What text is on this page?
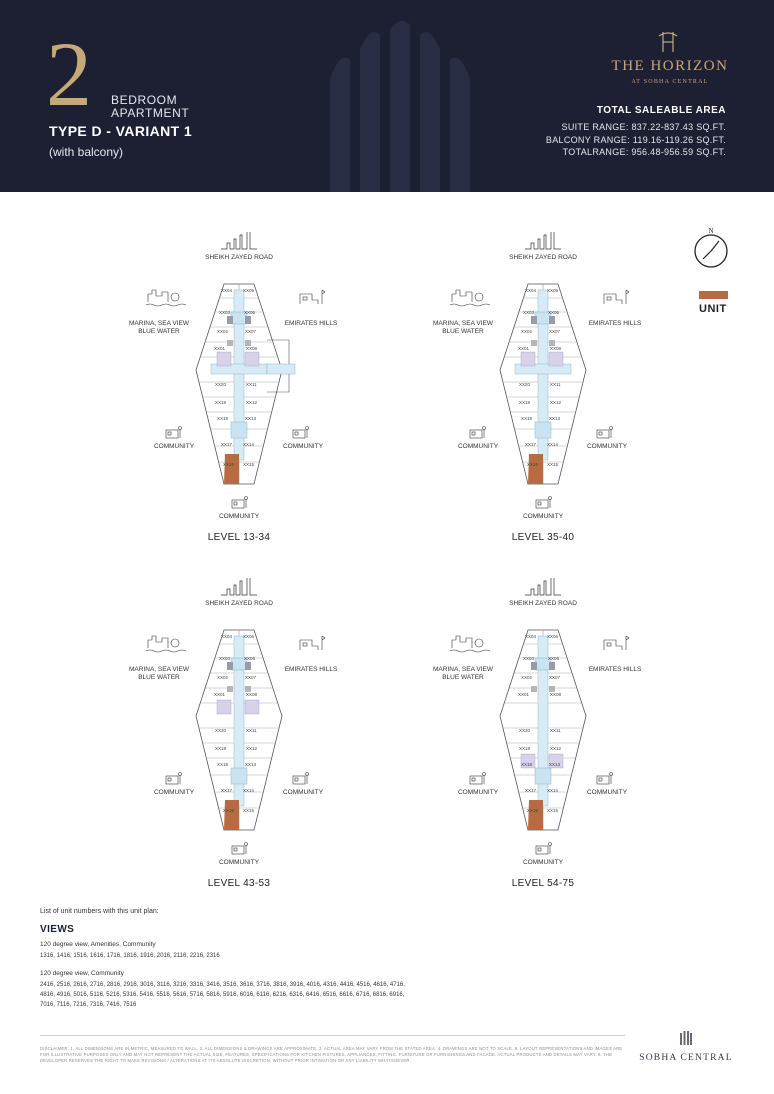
2 BEDROOM
APARTMENT
TYPE D - VARIANT 1
(with balcony)
THE HORIZON
AT SOBHA CENTRAL
TOTAL SALEABLE AREA
SUITE RANGE: 837.22-837.43 SQ.FT.
BALCONY RANGE: 119.16-119.26 SQ.FT.
TOTALRANGE: 956.48-956.59 SQ.FT.
N
UNIT
SHEIKH ZAYED ROAD
MARINA, SEA VIEW
BLUE WATER
EMIRATES HILLS
COMMUNITY	COMMUNITY
COMMUNITY
LEVEL 13-34
XX04 XX05
XX03	XX06
XX02	XX07
XX01	XX08
XX20	XX11
XX19	XX12
XX18	XX13
XX17 XX14
XX16 XX15
SHEIKH ZAYED ROAD
MARINA, SEA VIEW
BLUE WATER
EMIRATES HILLS
COMMUNITY	COMMUNITY
COMMUNITY
LEVEL 35-40
XX04 XX05
XX03	XX06
XX02	XX07
XX01	XX08
XX20	XX11
XX19	XX12
XX18	XX13
XX17 XX14
XX16 XX15
SHEIKH ZAYED ROAD
MARINA, SEA VIEW
BLUE WATER
EMIRATES HILLS
COMMUNITY	COMMUNITY
COMMUNITY
LEVEL 43-53
XX04 XX05
XX03	XX06
XX02	XX07
XX01	XX08
XX20	XX11
XX19	XX12
XX18	XX13
XX17 XX14
XX16 XX15
SHEIKH ZAYED ROAD
MARINA, SEA VIEW
BLUE WATER
EMIRATES HILLS
COMMUNITY	COMMUNITY
COMMUNITY
LEVEL 54-75
XX04 XX05
XX03	XX06
XX02	XX07
XX01	XX08
XX20	XX11
XX19	XX12
XX18	XX13
XX17 XX14
XX16 XX15
List of unit numbers with this unit plan:
VIEWS
120 degree view, Amenities, Community
1316, 1416, 1516, 1616, 1716, 1816, 1916, 2016, 2116, 2216, 2316
120 degree view, Community
2416, 2516, 2616, 2716, 2816, 2916, 3016, 3116, 3216, 3316, 3416, 3516, 3616, 3716, 3816, 3916, 4016, 4316, 4416, 4516, 4616, 4716,
4816, 4916, 5016, 5116, 5216, 5316, 5416, 5516, 5616, 5716, 5816, 5916, 6016, 6116, 6216, 6316, 6416, 6516, 6616, 6716, 6816, 6916,
7016, 7116, 7216, 7316, 7416, 7516
DISCLAIMER: 1. ALL DIMENSIONS ARE IN METRIC, MEASURED TO WALL. 2. ALL DIMENSIONS & DRAWINGS ARE APPROXIMATE. 3. ACTUAL AREA MAY VARY FROM THE STATED AREA. 4. DRAWINGS ARE NOT TO SCALE. 5. LAYOUT REPRESENTATIONS AND IMAGES ARE FOR ILLUSTRATIVE PURPOSES ONLY AND MAY NOT REPRESENT THE ACTUAL SIZE, FEATURES, SPECIFICATIONS FOR KITCHEN FIXTURES, APPLIANCES, FITTING, FURNITURE OR FURNISHINGS AND FACADE. ACTUAL PRODUCTS AND DETAILS MAY VARY. 6. THE DEVELOPER RESERVES THE RIGHT TO MAKE REVISIONS / ALTERATIONS AT ITS ABSOLUTE DISCRETION, WITHOUT PRIOR INTIMATION OR ANY LIABILITY WHATSOEVER.	SOBHA CENTRAL
